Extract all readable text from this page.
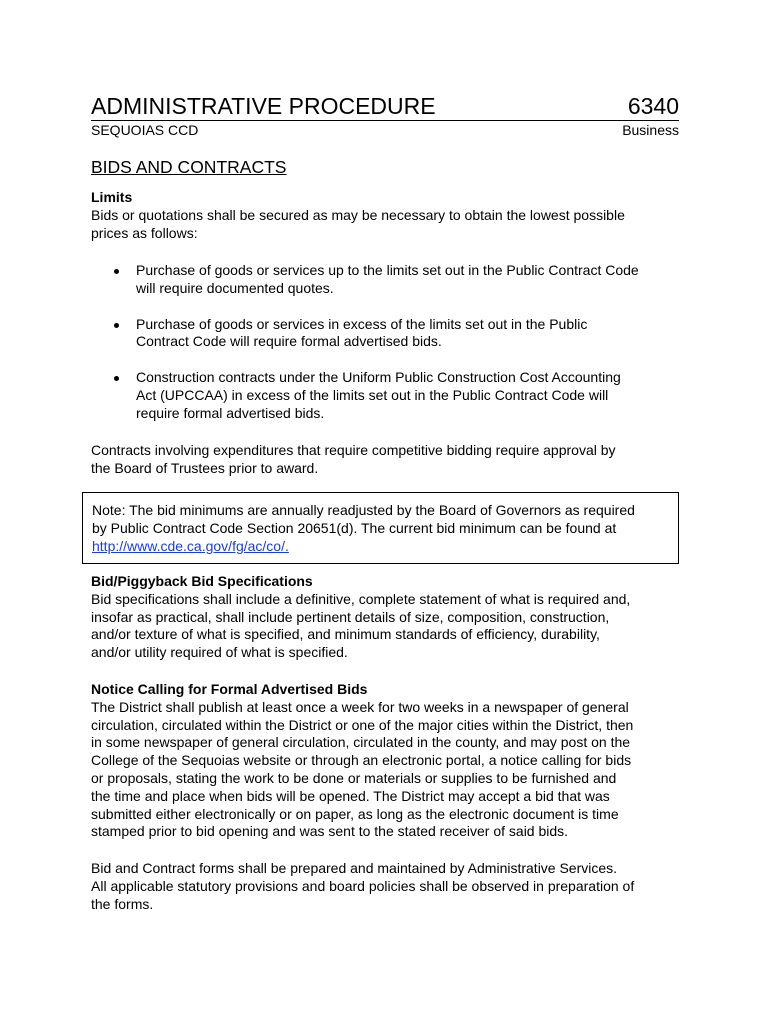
ADMINISTRATIVE PROCEDURE	6340
SEQUOIAS CCD	Business
BIDS AND CONTRACTS
Limits
Bids or quotations shall be secured as may be necessary to obtain the lowest possible
prices as follows:
Purchase of goods or services up to the limits set out in the Public Contract Code
will require documented quotes.
Purchase of goods or services in excess of the limits set out in the Public
Contract Code will require formal advertised bids.
Construction contracts under the Uniform Public Construction Cost Accounting
Act (UPCCAA) in excess of the limits set out in the Public Contract Code will
require formal advertised bids.
Contracts involving expenditures that require competitive bidding require approval by
the Board of Trustees prior to award.
Note: The bid minimums are annually readjusted by the Board of Governors as required
by Public Contract Code Section 20651(d). The current bid minimum can be found at
http://www.cde.ca.gov/fg/ac/co/.
Bid/Piggyback Bid Specifications
Bid specifications shall include a definitive, complete statement of what is required and,
insofar as practical, shall include pertinent details of size, composition, construction,
and/or texture of what is specified, and minimum standards of efficiency, durability,
and/or utility required of what is specified.
Notice Calling for Formal Advertised Bids
The District shall publish at least once a week for two weeks in a newspaper of general
circulation, circulated within the District or one of the major cities within the District, then
in some newspaper of general circulation, circulated in the county, and may post on the
College of the Sequoias website or through an electronic portal, a notice calling for bids
or proposals, stating the work to be done or materials or supplies to be furnished and
the time and place when bids will be opened. The District may accept a bid that was
submitted either electronically or on paper, as long as the electronic document is time
stamped prior to bid opening and was sent to the stated receiver of said bids.
Bid and Contract forms shall be prepared and maintained by Administrative Services.
All applicable statutory provisions and board policies shall be observed in preparation of
the forms.
